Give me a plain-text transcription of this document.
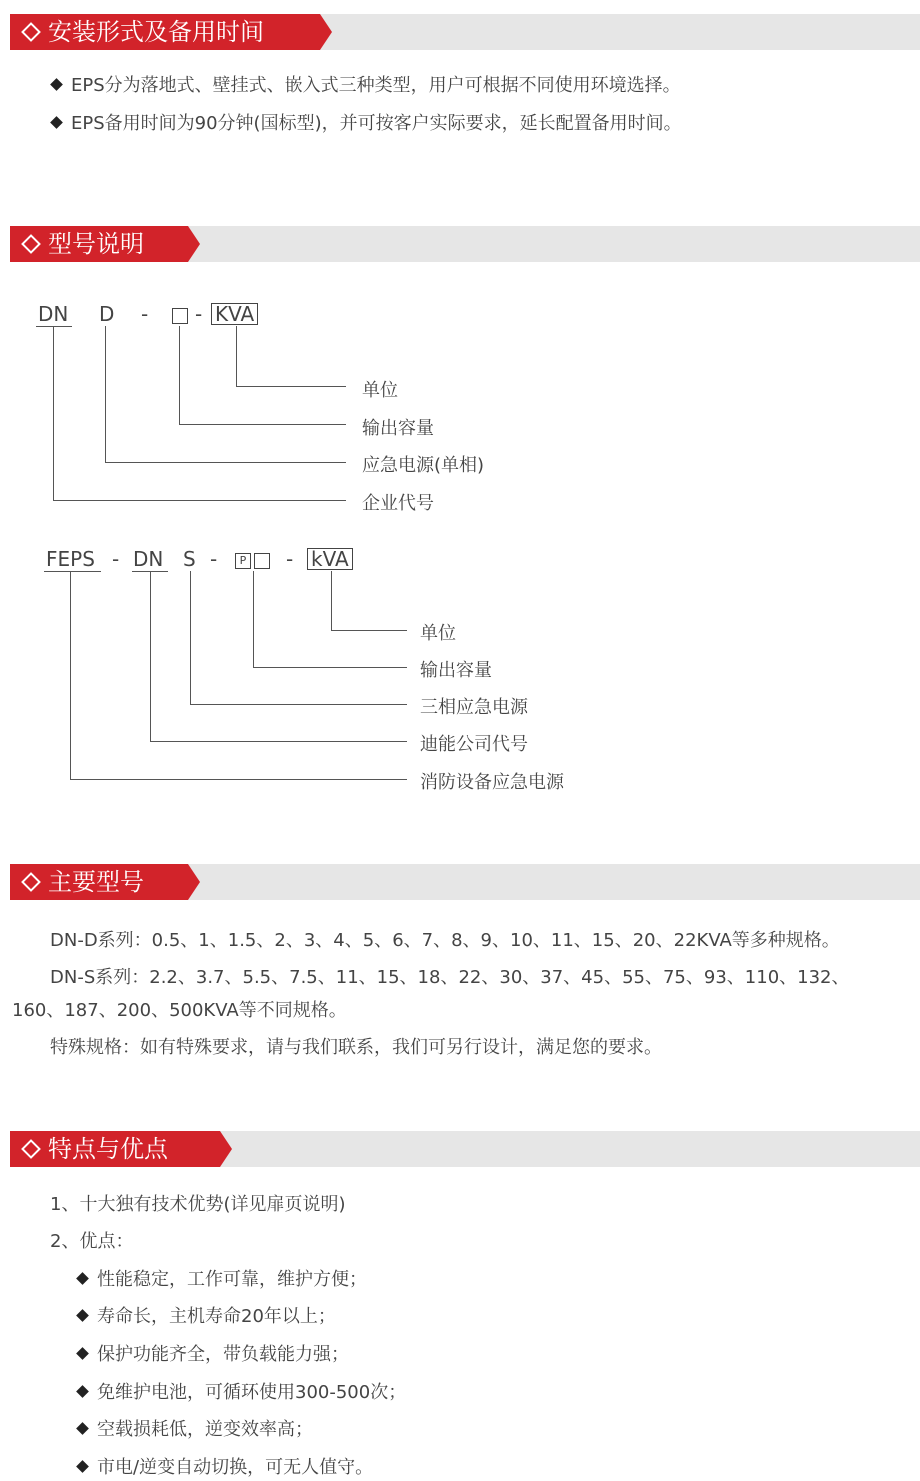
安装形式及备用时间
EPS分为落地式、壁挂式、嵌入式三种类型，用户可根据不同使用环境选择。
EPS备用时间为90分钟(国标型)，并可按客户实际要求，延长配置备用时间。
型号说明
DN D - - KVA
单位
输出容量
应急电源(单相)
企业代号
FEPS - DN S -	P	- kVA
单位
输出容量
三相应急电源
迪能公司代号
消防设备应急电源
主要型号
DN-D系列：0.5、1、1.5、2、3、4、5、6、7、8、9、10、11、15、20、22KVA等多种规格。
DN-S系列：2.2、3.7、5.5、7.5、11、15、18、22、30、37、45、55、75、93、110、132、
160、187、200、500KVA等不同规格。
特殊规格：如有特殊要求，请与我们联系，我们可另行设计，满足您的要求。
特点与优点
1、十大独有技术优势(详见扉页说明)
2、优点：
性能稳定，工作可靠，维护方便；
寿命长，主机寿命20年以上；
保护功能齐全，带负载能力强；
免维护电池，可循环使用300-500次；
空载损耗低，逆变效率高；
市电/逆变自动切换，可无人值守。
